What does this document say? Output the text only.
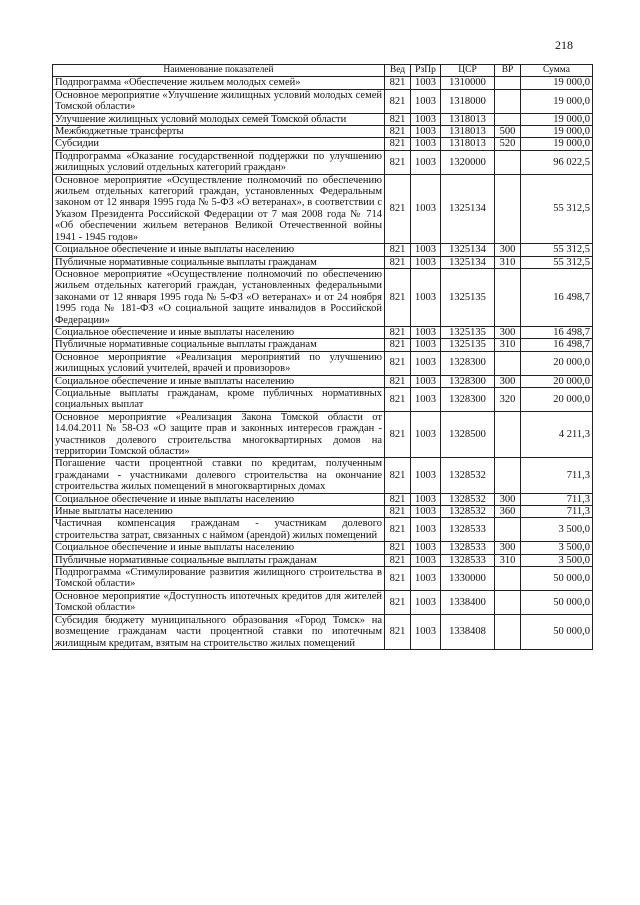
218
Наименование показателей	Вед	РзПр	ЦСР	ВР	Сумма
Подпрограмма «Обеспечение жильем молодых семей»	821	1003	1310000		19 000,0
Основное мероприятие «Улучшение жилищных условий молодых семей Томской области»	821	1003	1318000		19 000,0
Улучшение жилищных условий молодых семей Томской области	821	1003	1318013		19 000,0
Межбюджетные трансферты	821	1003	1318013	500	19 000,0
Субсидии	821	1003	1318013	520	19 000,0
Подпрограмма «Оказание государственной поддержки по улучшению жилищных условий отдельных категорий граждан»	821	1003	1320000		96 022,5
Основное мероприятие «Осуществление полномочий по обеспечению жильем отдельных категорий граждан, установленных Федеральным законом от 12 января 1995 года № 5-ФЗ «О ветеранах», в соответствии с Указом Президента Российской Федерации от 7 мая 2008 года № 714 «Об обеспечении жильем ветеранов Великой Отечественной войны 1941 - 1945 годов»	821	1003	1325134		55 312,5
Социальное обеспечение и иные выплаты населению	821	1003	1325134	300	55 312,5
Публичные нормативные социальные выплаты гражданам	821	1003	1325134	310	55 312,5
Основное мероприятие «Осуществление полномочий по обеспечению жильем отдельных категорий граждан, установленных федеральными законами от 12 января 1995 года № 5-ФЗ «О ветеранах» и от 24 ноября 1995 года № 181-ФЗ «О социальной защите инвалидов в Российской Федерации»	821	1003	1325135		16 498,7
Социальное обеспечение и иные выплаты населению	821	1003	1325135	300	16 498,7
Публичные нормативные социальные выплаты гражданам	821	1003	1325135	310	16 498,7
Основное мероприятие «Реализация мероприятий по улучшению жилищных условий учителей, врачей и провизоров»	821	1003	1328300		20 000,0
Социальное обеспечение и иные выплаты населению	821	1003	1328300	300	20 000,0
Социальные выплаты гражданам, кроме публичных нормативных социальных выплат	821	1003	1328300	320	20 000,0
Основное мероприятие «Реализация Закона Томской области от 14.04.2011 № 58-ОЗ «О защите прав и законных интересов граждан - участников долевого строительства многоквартирных домов на территории Томской области»	821	1003	1328500		4 211,3
Погашение части процентной ставки по кредитам, полученным гражданами - участниками долевого строительства на окончание строительства жилых помещений в многоквартирных домах	821	1003	1328532		711,3
Социальное обеспечение и иные выплаты населению	821	1003	1328532	300	711,3
Иные выплаты населению	821	1003	1328532	360	711,3
Частичная компенсация гражданам - участникам долевого строительства затрат, связанных с наймом (арендой) жилых помещений	821	1003	1328533		3 500,0
Социальное обеспечение и иные выплаты населению	821	1003	1328533	300	3 500,0
Публичные нормативные социальные выплаты гражданам	821	1003	1328533	310	3 500,0
Подпрограмма «Стимулирование развития жилищного строительства в Томской области»	821	1003	1330000		50 000,0
Основное мероприятие «Доступность ипотечных кредитов для жителей Томской области»	821	1003	1338400		50 000,0
Субсидия бюджету муниципального образования «Город Томск» на возмещение гражданам части процентной ставки по ипотечным жилищным кредитам, взятым на строительство жилых помещений	821	1003	1338408		50 000,0
